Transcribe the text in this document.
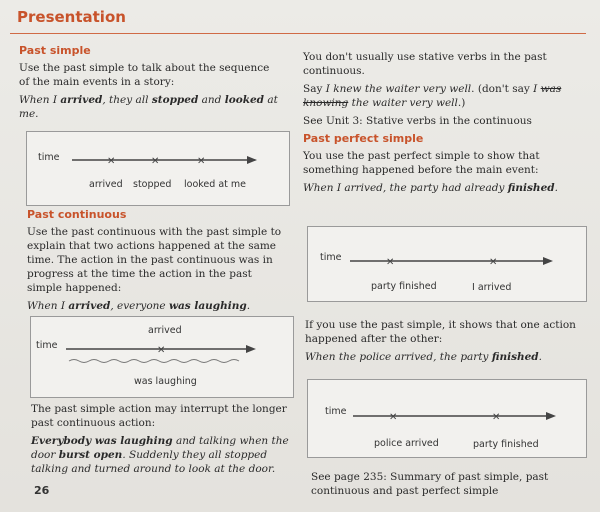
Presentation
Past simple

Use the past simple to talk about the sequence of the main events in a story:

When I arrived, they all stopped and looked at me.

✕	✕	✕
time
arrived stopped looked at me
Past continuous

Use the past continuous with the past simple to explain that two actions happened at the same time. The action in the past continuous was in progress at the time the action in the past simple happened:

When I arrived, everyone was laughing.

✕
time
arrived
was laughing

The past simple action may interrupt the longer past continuous action:

Everybody was laughing and talking when the door burst open. Suddenly they all stopped talking and turned around to look at the door.

26

You don't usually use stative verbs in the past continuous.

Say I knew the waiter very well. (don't say I was knowing the waiter very well.)

See Unit 3: Stative verbs in the continuous

Past perfect simple

You use the past perfect simple to show that something happened before the main event:

When I arrived, the party had already finished.

✕	✕
time
party finished	I arrived

If you use the past simple, it shows that one action happened after the other:

When the police arrived, the party finished.

✕	✕
time
police arrived	party finished

See page 235: Summary of past simple, past continuous and past perfect simple
